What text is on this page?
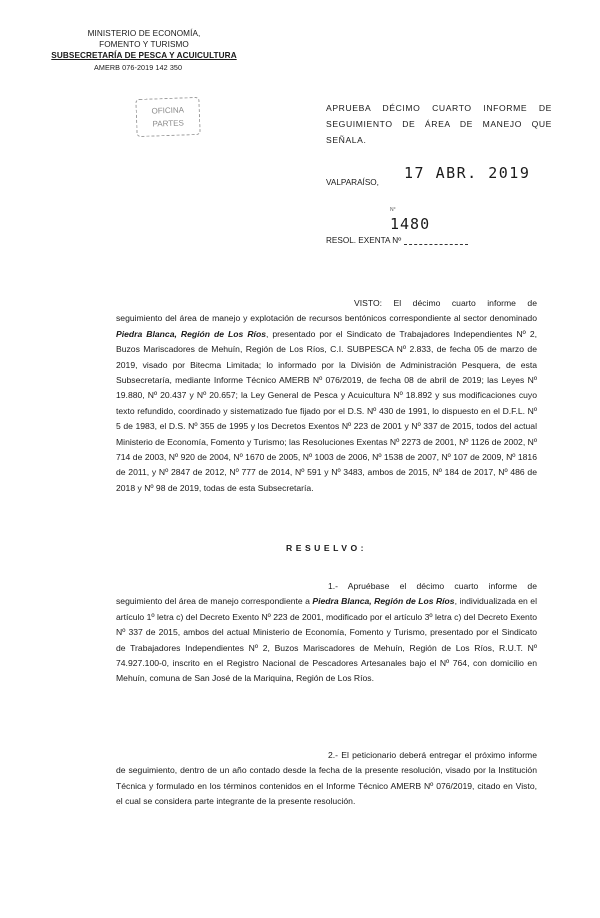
MINISTERIO DE ECONOMÍA,
FOMENTO Y TURISMO
SUBSECRETARÍA DE PESCA Y ACUICULTURA
AMERB 076-2019 142 350
OFICINA
PARTES
APRUEBA DÉCIMO CUARTO INFORME DE SEGUIMIENTO DE ÁREA DE MANEJO QUE SEÑALA.
VALPARAÍSO,
17 ABR. 2019
N°
1480
RESOL. EXENTA Nº
VISTO: El décimo cuarto informe de seguimiento del área de manejo y explotación de recursos bentónicos correspondiente al sector denominado Piedra Blanca, Región de Los Ríos, presentado por el Sindicato de Trabajadores Independientes Nº 2, Buzos Mariscadores de Mehuín, Región de Los Ríos, C.I. SUBPESCA Nº 2.833, de fecha 05 de marzo de 2019, visado por Bitecma Limitada; lo informado por la División de Administración Pesquera, de esta Subsecretaría, mediante Informe Técnico AMERB Nº 076/2019, de fecha 08 de abril de 2019; las Leyes Nº 19.880, Nº 20.437 y Nº 20.657; la Ley General de Pesca y Acuicultura Nº 18.892 y sus modificaciones cuyo texto refundido, coordinado y sistematizado fue fijado por el D.S. Nº 430 de 1991, lo dispuesto en el D.F.L. Nº 5 de 1983, el D.S. Nº 355 de 1995 y los Decretos Exentos Nº 223 de 2001 y Nº 337 de 2015, todos del actual Ministerio de Economía, Fomento y Turismo; las Resoluciones Exentas Nº 2273 de 2001, Nº 1126 de 2002, Nº 714 de 2003, Nº 920 de 2004, Nº 1670 de 2005, Nº 1003 de 2006, Nº 1538 de 2007, Nº 107 de 2009, Nº 1816 de 2011, y Nº 2847 de 2012, Nº 777 de 2014, Nº 591 y Nº 3483, ambos de 2015, Nº 184 de 2017, Nº 486 de 2018 y Nº 98 de 2019, todas de esta Subsecretaría.
RESUELVO:
1.- Apruébase el décimo cuarto informe de seguimiento del área de manejo correspondiente a Piedra Blanca, Región de Los Ríos, individualizada en el artículo 1º letra c) del Decreto Exento Nº 223 de 2001, modificado por el artículo 3º letra c) del Decreto Exento Nº 337 de 2015, ambos del actual Ministerio de Economía, Fomento y Turismo, presentado por el Sindicato de Trabajadores Independientes Nº 2, Buzos Mariscadores de Mehuín, Región de Los Ríos, R.U.T. Nº 74.927.100-0, inscrito en el Registro Nacional de Pescadores Artesanales bajo el Nº 764, con domicilio en Mehuín, comuna de San José de la Mariquina, Región de Los Ríos.
2.- El peticionario deberá entregar el próximo informe de seguimiento, dentro de un año contado desde la fecha de la presente resolución, visado por la Institución Técnica y formulado en los términos contenidos en el Informe Técnico AMERB Nº 076/2019, citado en Visto, el cual se considera parte integrante de la presente resolución.
